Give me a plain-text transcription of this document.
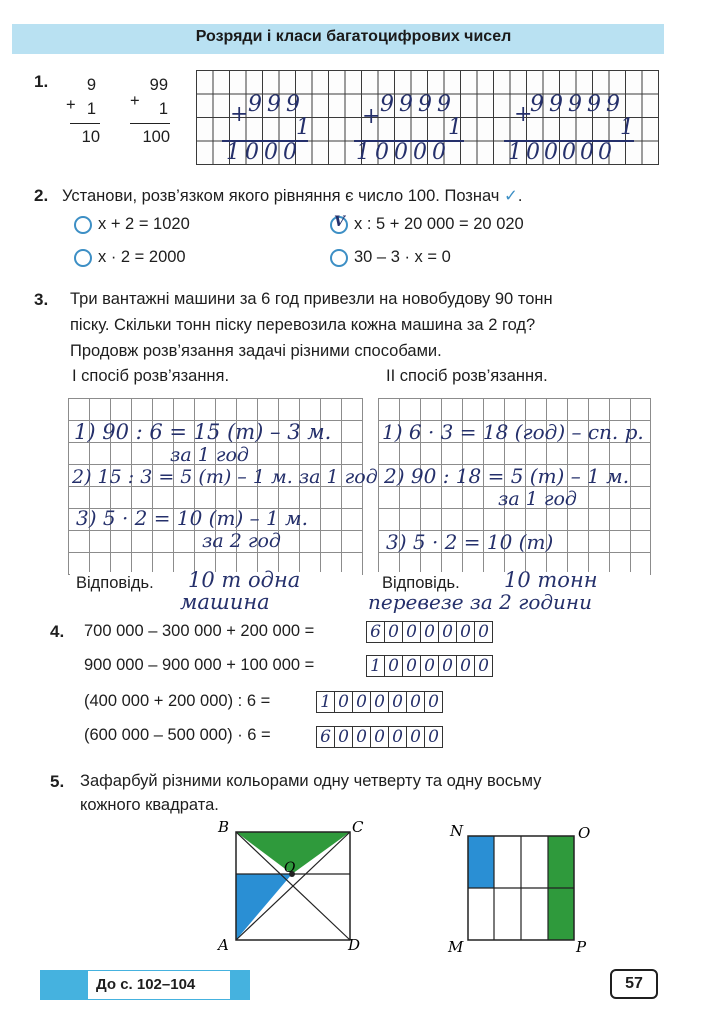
Розряди і класи багатоцифрових чисел
1.	9
+ 1
10
99
+	1
100
+ 999
1
1000
+ 9999
1
10000
+
99999
1
100000
2. Установи, розв’язком якого рівняння є число 100. Познач ✓.
x + 2 = 1020	V x : 5 + 20 000 = 20 020
x · 2 = 2000	30 – 3 · x = 0
3. Три вантажні машини за 6 год привезли на новобудову 90 тонн
піску. Скільки тонн піску перевозила кожна машина за 2 год?
Продовж розв’язання задачі різними способами.
I спосіб розв’язання.	II спосіб розв’язання.
1) 90 : 6 = 15 (т) – 3 м.
за 1 год
2) 15 : 3 = 5 (т) – 1 м. за 1 год
3) 5 · 2 = 10 (т) – 1 м.
за 2 год
1) 6 · 3 = 18 (год) – сп. р.
2) 90 : 18 = 5 (т) – 1 м.
за 1 год
3) 5 · 2 = 10 (т)
Відповідь. 10 т одна
машина
Відповідь. 10 тонн
перевезе за 2 години
4. 700 000 – 300 000 + 200 000 =	6 0 0 0 0 0 0
900 000 – 900 000 + 100 000 =	1 0 0 0 0 0 0
(400 000 + 200 000) : 6 =	1 0 0 0 0 0 0
(600 000 – 500 000) · 6 =	6 0 0 0 0 0 0
5. Зафарбуй різними кольорами одну четверту та одну восьму
кожного квадрата.
B	C
A	D
O
N	O
M	P
До с. 102–104	57
